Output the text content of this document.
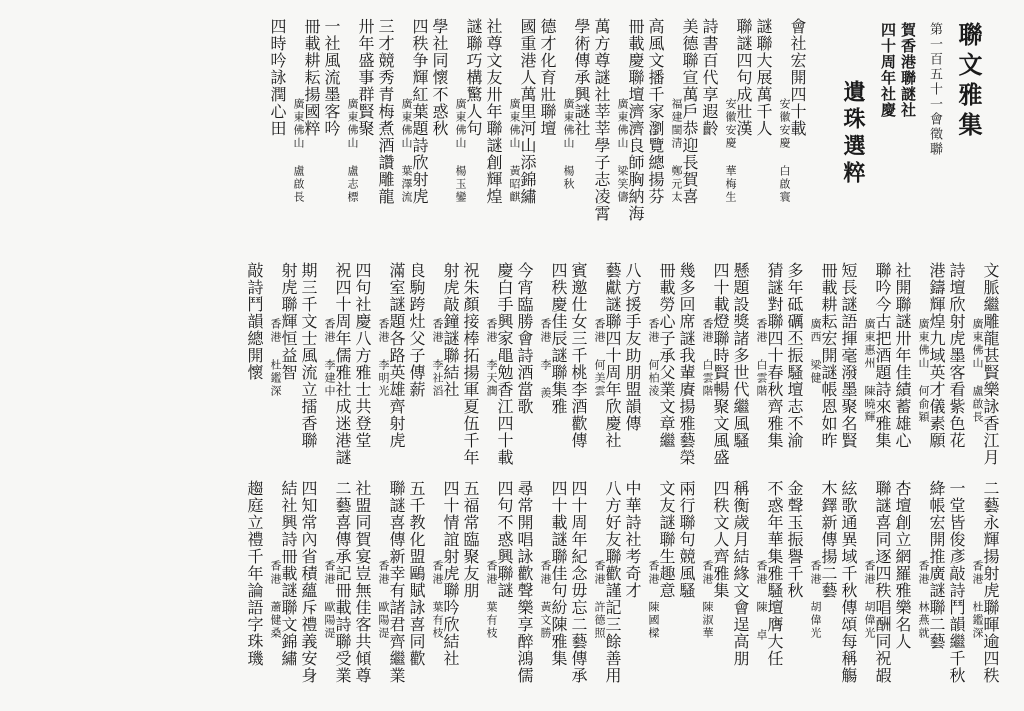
聯文雅集
第一百五十一會徵聯
賀香港聯謎社
四十周年社慶
遺珠選粹
會社宏開四十載
安徽安慶 白啟寰
謎聯大展萬千人
聯謎四句成壯漢
安徽安慶 華梅生
詩書百代享遐齡
美德聯宣萬戶恭迎長賀喜
福建閩清 鄭元太
高風文播千家瀏覽總揚芬
冊載慶聯壇濟濟良師胸納海
廣東佛山 梁笑儔
萬方尊謎社莘莘學子志凌霄
學術傳承興謎社
廣東佛山 楊秋
德才化育壯聯壇
國重港人萬里河山添錦繡
廣東佛山 黃昭麒
社尊文友卅年聯謎創輝煌
謎聯巧構驚人句
廣東佛山 楊玉鑾
學社同懷不惑秋
四秩争輝紅葉題詩欣射虎
廣東佛山 葉澤流
三才競秀青梅煮酒讚雕龍
卅年盛事群賢聚
廣東佛山 盧志標
一社風流墨客吟
冊載耕耘揚國粹
廣東佛山 盧啟長
四時吟詠潤心田
文脈繼雕龍甚賢樂詠香江月
廣東佛山 盧啟長
詩壇欣射虎墨客看紫色花
港鑄輝煌九域英才儀素願
廣東佛山 何俞穎
社開聯謎卅年佳績蓄雄心
聯吟今古把酒題詩來雅集
廣東惠州 陳曉輝
短長謎語揮毫潑墨聚名賢
冊載耕耘宏開謎帳恩如昨
廣西 梁健
多年砥礪丕振騷壇志不渝
猜謎對聯四十春秋齊雅集
香港 白雲階
懸題設獎諸多世代繼風騷
四十載燈聯時賢暢聚文風盛
香港 白雲階
幾多回席謎我輩賡揚雅藝榮
冊載勞心子承父業文章繼
香港 何柏淩
八方援手友助朋盟韻傳
藝獻謎聯四十周年欣慶社
香港 何美雲
賓邀仕女三千桃李酒歡傳
四秩慶佳辰謎聯集雅
香港 李 羨
今宵臨勝會詩酒當歌
慶白手興家黽勉香江四十載
香港 李天潤
祝朱顏接棒拓揚軍夏伍千年
射虎敲鐘謎聯結社
香港 李社滔
良駒跨灶父子傳薪
滿室謎題各路英雄齊射虎
香港 李明光
四句社慶八方雅士共登堂
祝四十周年儒雅社成迷港謎
香港 李建中
期三千文士風流立擂香聯
射虎聯輝恒益智
香港 杜鑑深
敲詩鬥韻總開懷
二藝永輝揚射虎聯暉逾四秩
香港 杜鑑深
一堂皆俊彥敲詩鬥韻繼千秋
絳帳宏開推廣謎聯二藝
香港 林燕就
杏壇創立網羅雅樂名人
聯謎喜同逐四秩唱酬同祝嘏
香港 胡偉光
絃歌通異域千秋傳頌每稱觴
木鐸新傳揚二藝
香港 胡偉光
金聲玉振譽千秋
不惑年華集雅騷壇膺大任
香港 陳 卓
稱衡歲月結緣文會逞高朋
四秩文人齊雅集
香港 陳淑華
兩行聯句競風騷
文友謎聯生趣意
香港 陳國樑
中華詩社考奇才
八方好友聯歡謹記三餘善用
香港 許德照
四十周年紀念毋忘二藝傳承
四十載謎聯佳句紛陳雅集
香港 黃文勝
尋常開唱詠歡聲樂享醉鴻儒
四句不惑興聯謎
香港 葉有枝
五福常臨聚友朋
四十情誼射虎聯吟欣結社
香港 葉有枝
五千教化盟鷗賦詠喜同歡
聯謎喜傳新幸有諸君齊繼業
香港 歐陽湜
社盟同賀宴豈無佳客共傾尊
二藝喜傳承記冊載詩聯受業
香港 歐陽湜
四知常內省積蘊斥禮義安身
結社興詩冊載謎聯文錦繡
香港 蕭健桑
趨庭立禮千年論語字珠璣
